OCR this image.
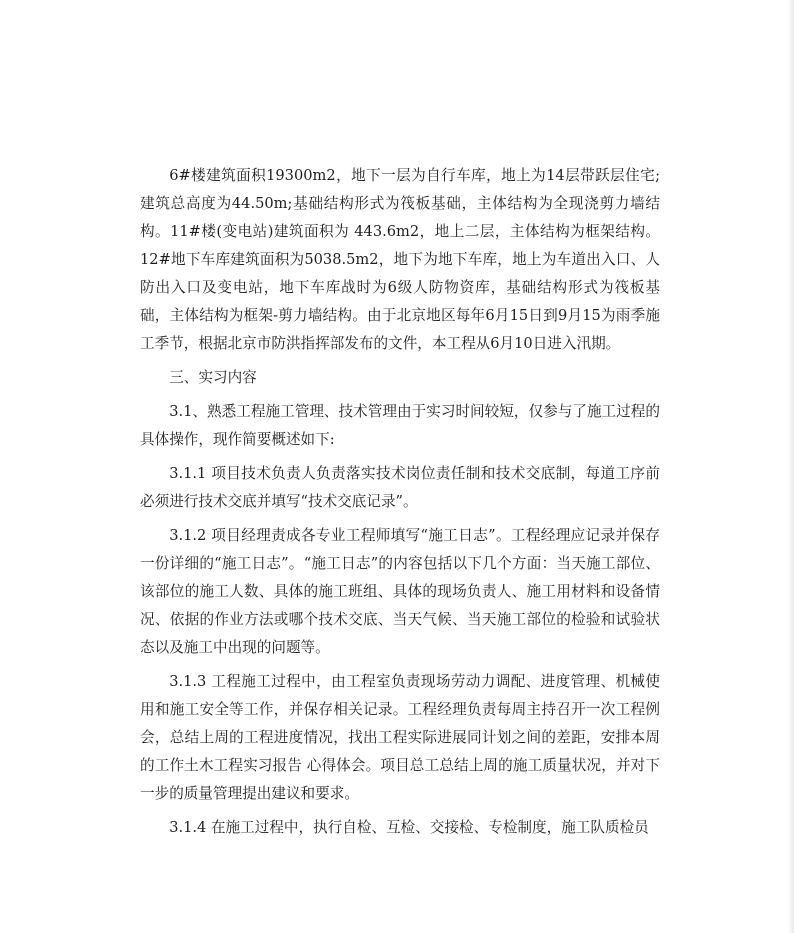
6#楼建筑面积19300m2，地下一层为自行车库，地上为14层带跃层住宅;建筑总高度为44.50m;基础结构形式为筏板基础，主体结构为全现浇剪力墙结构。11#楼(变电站)建筑面积为 443.6m2，地上二层，主体结构为框架结构。12#地下车库建筑面积为5038.5m2，地下为地下车库，地上为车道出入口、人防出入口及变电站，地下车库战时为6级人防物资库，基础结构形式为筏板基础，主体结构为框架-剪力墙结构。由于北京地区每年6月15日到9月15为雨季施工季节，根据北京市防洪指挥部发布的文件，本工程从6月10日进入汛期。

三、实习内容

3.1、熟悉工程施工管理、技术管理由于实习时间较短，仅参与了施工过程的具体操作，现作简要概述如下:

3.1.1 项目技术负责人负责落实技术岗位责任制和技术交底制，每道工序前必须进行技术交底并填写“技术交底记录”。

3.1.2 项目经理责成各专业工程师填写“施工日志”。工程经理应记录并保存一份详细的“施工日志”。“施工日志”的内容包括以下几个方面：当天施工部位、该部位的施工人数、具体的施工班组、具体的现场负责人、施工用材料和设备情况、依据的作业方法或哪个技术交底、当天气候、当天施工部位的检验和试验状态以及施工中出现的问题等。

3.1.3 工程施工过程中，由工程室负责现场劳动力调配、进度管理、机械使用和施工安全等工作，并保存相关记录。工程经理负责每周主持召开一次工程例会，总结上周的工程进度情况，找出工程实际进展同计划之间的差距，安排本周的工作土木工程实习报告 心得体会。项目总工总结上周的施工质量状况，并对下一步的质量管理提出建议和要求。

3.1.4 在施工过程中，执行自检、互检、交接检、专检制度，施工队质检员
